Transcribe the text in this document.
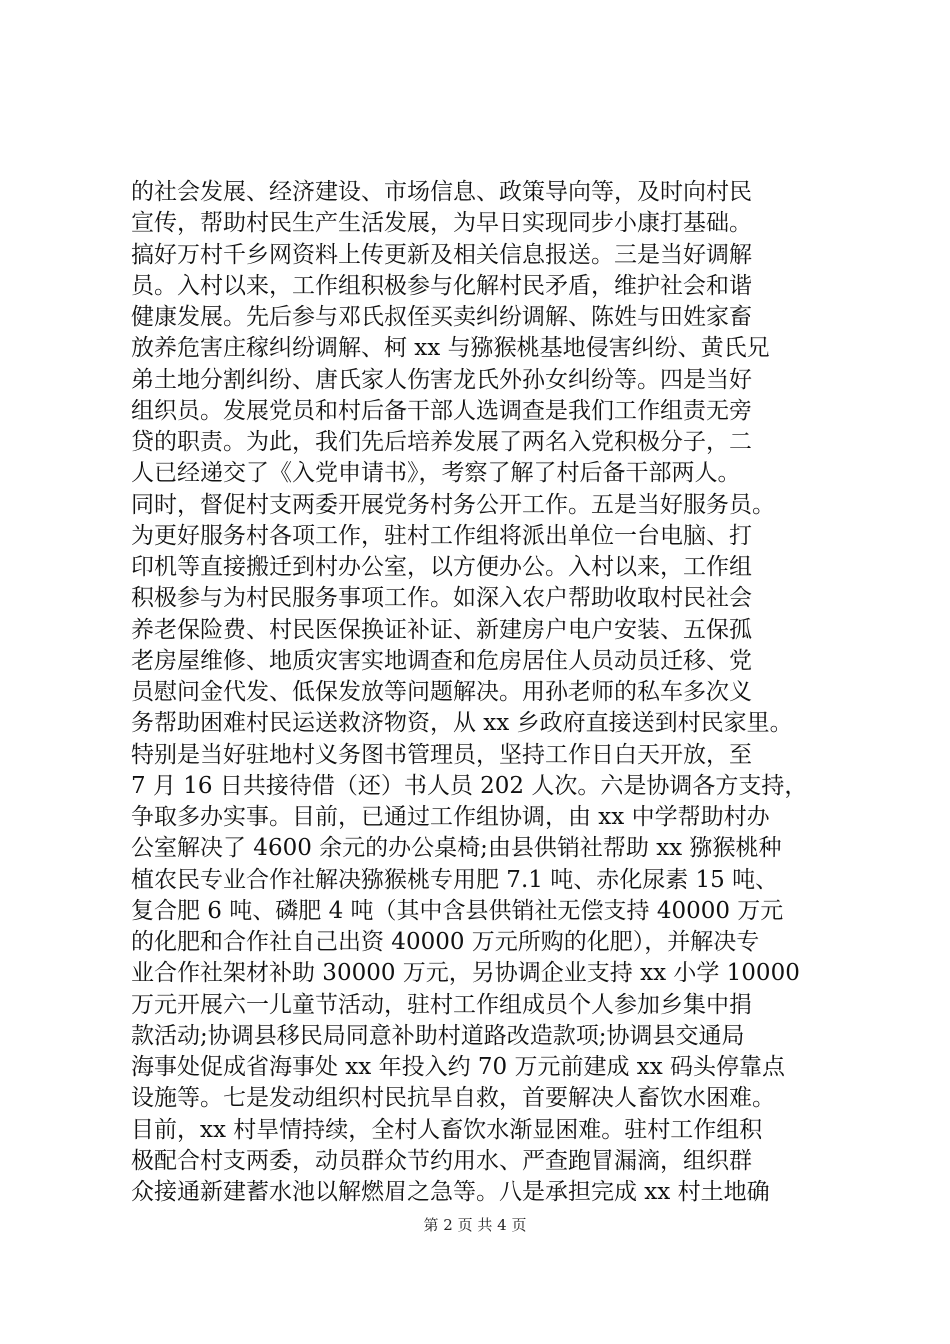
的社会发展、经济建设、市场信息、政策导向等，及时向村民
宣传，帮助村民生产生活发展，为早日实现同步小康打基础。
搞好万村千乡网资料上传更新及相关信息报送。三是当好调解
员。入村以来，工作组积极参与化解村民矛盾，维护社会和谐
健康发展。先后参与邓氏叔侄买卖纠纷调解、陈姓与田姓家畜
放养危害庄稼纠纷调解、柯 xx 与猕猴桃基地侵害纠纷、黄氏兄
弟土地分割纠纷、唐氏家人伤害龙氏外孙女纠纷等。四是当好
组织员。发展党员和村后备干部人选调查是我们工作组责无旁
贷的职责。为此，我们先后培养发展了两名入党积极分子，二
人已经递交了《入党申请书》，考察了解了村后备干部两人。
同时，督促村支两委开展党务村务公开工作。五是当好服务员。
为更好服务村各项工作，驻村工作组将派出单位一台电脑、打
印机等直接搬迁到村办公室，以方便办公。入村以来，工作组
积极参与为村民服务事项工作。如深入农户帮助收取村民社会
养老保险费、村民医保换证补证、新建房户电户安装、五保孤
老房屋维修、地质灾害实地调查和危房居住人员动员迁移、党
员慰问金代发、低保发放等问题解决。用孙老师的私车多次义
务帮助困难村民运送救济物资，从 xx 乡政府直接送到村民家里。
特别是当好驻地村义务图书管理员，坚持工作日白天开放，至
7 月 16 日共接待借（还）书人员 202 人次。六是协调各方支持，
争取多办实事。目前，已通过工作组协调，由 xx 中学帮助村办
公室解决了 4600 余元的办公桌椅;由县供销社帮助 xx 猕猴桃种
植农民专业合作社解决猕猴桃专用肥 7.1 吨、赤化尿素 15 吨、
复合肥 6 吨、磷肥 4 吨（其中含县供销社无偿支持 40000 万元
的化肥和合作社自己出资 40000 万元所购的化肥），并解决专
业合作社架材补助 30000 万元，另协调企业支持 xx 小学 10000
万元开展六一儿童节活动，驻村工作组成员个人参加乡集中捐
款活动;协调县移民局同意补助村道路改造款项;协调县交通局
海事处促成省海事处 xx 年投入约 70 万元前建成 xx 码头停靠点
设施等。七是发动组织村民抗旱自救，首要解决人畜饮水困难。
目前，xx 村旱情持续，全村人畜饮水渐显困难。驻村工作组积
极配合村支两委，动员群众节约用水、严查跑冒漏滴，组织群
众接通新建蓄水池以解燃眉之急等。八是承担完成 xx 村土地确
第 2 页 共 4 页
